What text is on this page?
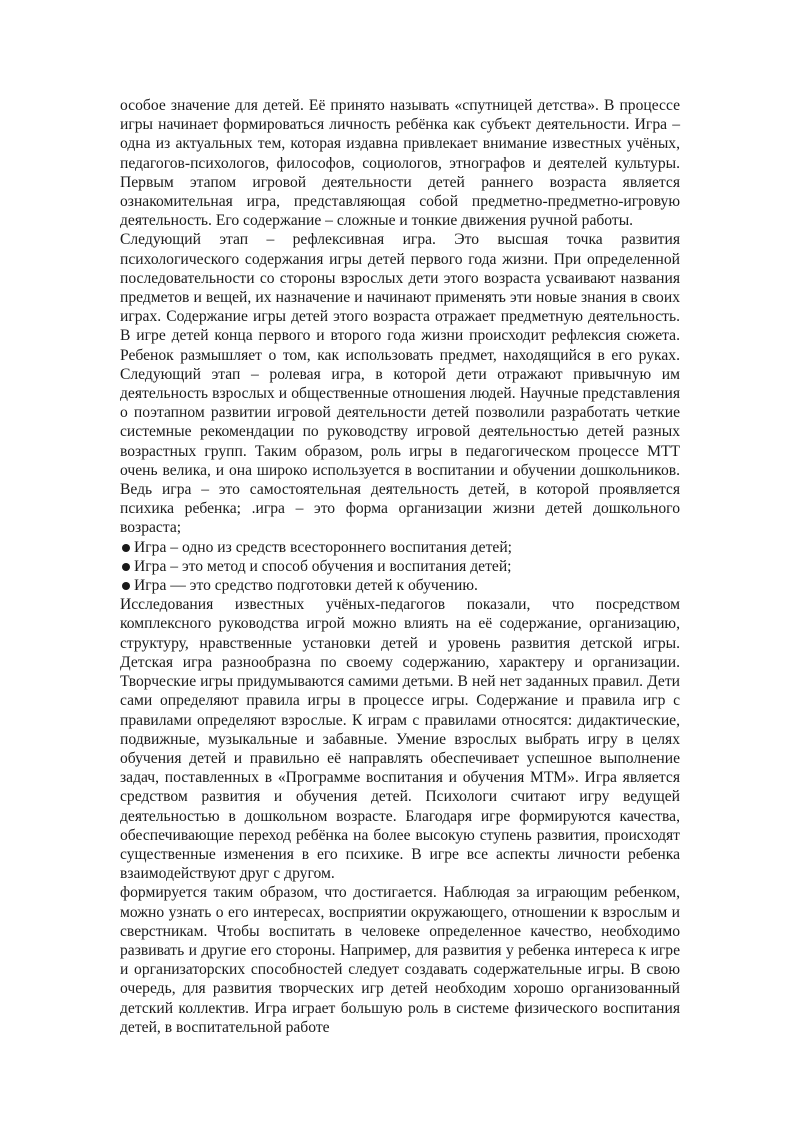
особое значение для детей. Её принято называть «спутницей детства». В процессе игры начинает формироваться личность ребёнка как субъект деятельности. Игра – одна из актуальных тем, которая издавна привлекает внимание известных учёных, педагогов-психологов, философов, социологов, этнографов и деятелей культуры. Первым этапом игровой деятельности детей раннего возраста является ознакомительная игра, представляющая собой предметно-предметно-игровую деятельность. Его содержание – сложные и тонкие движения ручной работы.

Следующий этап – рефлексивная игра. Это высшая точка развития психологического содержания игры детей первого года жизни. При определенной последовательности со стороны взрослых дети этого возраста усваивают названия предметов и вещей, их назначение и начинают применять эти новые знания в своих играх. Содержание игры детей этого возраста отражает предметную деятельность. В игре детей конца первого и второго года жизни происходит рефлексия сюжета. Ребенок размышляет о том, как использовать предмет, находящийся в его руках. Следующий этап – ролевая игра, в которой дети отражают привычную им деятельность взрослых и общественные отношения людей. Научные представления о поэтапном развитии игровой деятельности детей позволили разработать четкие системные рекомендации по руководству игровой деятельностью детей разных возрастных групп. Таким образом, роль игры в педагогическом процессе МТТ очень велика, и она широко используется в воспитании и обучении дошкольников. Ведь игра – это самостоятельная деятельность детей, в которой проявляется психика ребенка; .игра – это форма организации жизни детей дошкольного возраста;

Игра – одно из средств всестороннего воспитания детей;
Игра – это метод и способ обучения и воспитания детей;
Игра — это средство подготовки детей к обучению.

Исследования известных учёных-педагогов показали, что посредством комплексного руководства игрой можно влиять на её содержание, организацию, структуру, нравственные установки детей и уровень развития детской игры. Детская игра разнообразна по своему содержанию, характеру и организации. Творческие игры придумываются самими детьми. В ней нет заданных правил. Дети сами определяют правила игры в процессе игры. Содержание и правила игр с правилами определяют взрослые. К играм с правилами относятся: дидактические, подвижные, музыкальные и забавные. Умение взрослых выбрать игру в целях обучения детей и правильно её направлять обеспечивает успешное выполнение задач, поставленных в «Программе воспитания и обучения МТМ». Игра является средством развития и обучения детей. Психологи считают игру ведущей деятельностью в дошкольном возрасте. Благодаря игре формируются качества, обеспечивающие переход ребёнка на более высокую ступень развития, происходят существенные изменения в его психике. В игре все аспекты личности ребенка взаимодействуют друг с другом.

формируется таким образом, что достигается. Наблюдая за играющим ребенком, можно узнать о его интересах, восприятии окружающего, отношении к взрослым и сверстникам. Чтобы воспитать в человеке определенное качество, необходимо развивать и другие его стороны. Например, для развития у ребенка интереса к игре и организаторских способностей следует создавать содержательные игры. В свою очередь, для развития творческих игр детей необходим хорошо организованный детский коллектив. Игра играет большую роль в системе физического воспитания детей, в воспитательной работе
